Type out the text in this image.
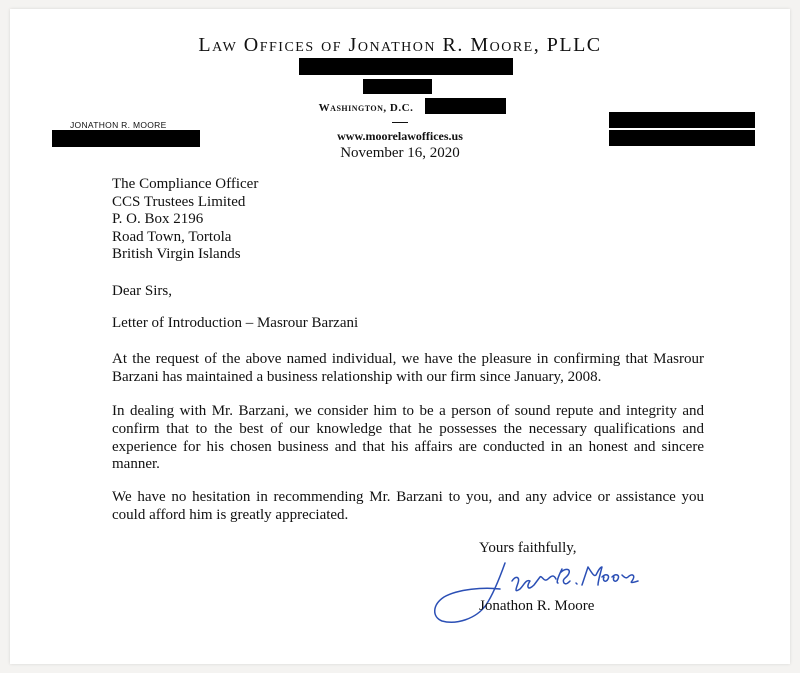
Law Offices of Jonathon R. Moore, PLLC
Washington, D.C.
www.moorelawoffices.us
November 16, 2020
JONATHON R. MOORE
The Compliance Officer
CCS Trustees Limited
P. O. Box 2196
Road Town, Tortola
British Virgin Islands
Dear Sirs,
Letter of Introduction – Masrour Barzani
At the request of the above named individual, we have the pleasure in confirming that Masrour Barzani has maintained a business relationship with our firm since January, 2008.
In dealing with Mr. Barzani, we consider him to be a person of sound repute and integrity and confirm that to the best of our knowledge that he possesses the necessary qualifications and experience for his chosen business and that his affairs are conducted in an honest and sincere manner.
We have no hesitation in recommending Mr. Barzani to you, and any advice or assistance you could afford him is greatly appreciated.
Yours faithfully,
Jonathon R. Moore
